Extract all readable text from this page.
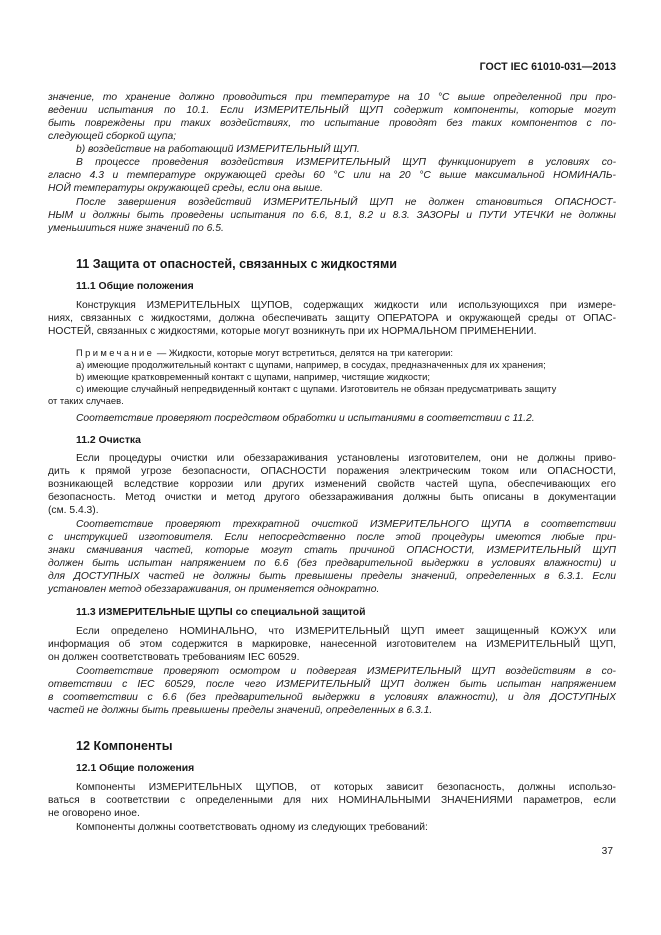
ГОСТ IEC 61010-031—2013

значение, то хранение должно проводиться при температуре на 10 °С выше определенной при про-

ведении испытания по 10.1. Если ИЗМЕРИТЕЛЬНЫЙ ЩУП содержит компоненты, которые могут

быть повреждены при таких воздействиях, то испытание проводят без таких компонентов с по-

следующей сборкой щупа;

b) воздействие на работающий ИЗМЕРИТЕЛЬНЫЙ ЩУП.

В процессе проведения воздействия ИЗМЕРИТЕЛЬНЫЙ ЩУП функционирует в условиях со-

гласно 4.3 и температуре окружающей среды 60 °С или на 20 °С выше максимальной НОМИНАЛЬ-

НОЙ температуры окружающей среды, если она выше.

После завершения воздействий ИЗМЕРИТЕЛЬНЫЙ ЩУП не должен становиться ОПАСНОСТ-

НЫМ и должны быть проведены испытания по 6.6, 8.1, 8.2 и 8.3. ЗАЗОРЫ и ПУТИ УТЕЧКИ не должны

уменьшиться ниже значений по 6.5.

11 Защита от опасностей, связанных с жидкостями
11.1 Общие положения

Конструкция ИЗМЕРИТЕЛЬНЫХ ЩУПОВ, содержащих жидкости или использующихся при измере-

ниях, связанных с жидкостями, должна обеспечивать защиту ОПЕРАТОРА и окружающей среды от ОПАС-

НОСТЕЙ, связанных с жидкостями, которые могут возникнуть при их НОРМАЛЬНОМ ПРИМЕНЕНИИ.

Примечание — Жидкости, которые могут встретиться, делятся на три категории:

a) имеющие продолжительный контакт с щупами, например, в сосудах, предназначенных для их хранения;

b) имеющие кратковременный контакт с щупами, например, чистящие жидкости;

c) имеющие случайный непредвиденный контакт с щупами. Изготовитель не обязан предусматривать защиту

от таких случаев.

Соответствие проверяют посредством обработки и испытаниями в соответствии с 11.2.

11.2 Очистка

Если процедуры очистки или обеззараживания установлены изготовителем, они не должны приво-

дить к прямой угрозе безопасности, ОПАСНОСТИ поражения электрическим током или ОПАСНОСТИ,

возникающей вследствие коррозии или других изменений свойств частей щупа, обеспечивающих его

безопасность. Метод очистки и метод другого обеззараживания должны быть описаны в документации

(см. 5.4.3).

Соответствие проверяют трехкратной очисткой ИЗМЕРИТЕЛЬНОГО ЩУПА в соответствии

с инструкцией изготовителя. Если непосредственно после этой процедуры имеются любые при-

знаки смачивания частей, которые могут стать причиной ОПАСНОСТИ, ИЗМЕРИТЕЛЬНЫЙ ЩУП

должен быть испытан напряжением по 6.6 (без предварительной выдержки в условиях влажности) и

для ДОСТУПНЫХ частей не должны быть превышены пределы значений, определенных в 6.3.1. Если

установлен метод обеззараживания, он применяется однократно.

11.3 ИЗМЕРИТЕЛЬНЫЕ ЩУПЫ со специальной защитой

Если определено НОМИНАЛЬНО, что ИЗМЕРИТЕЛЬНЫЙ ЩУП имеет защищенный КОЖУХ или

информация об этом содержится в маркировке, нанесенной изготовителем на ИЗМЕРИТЕЛЬНЫЙ ЩУП,

он должен соответствовать требованиям IEC 60529.

Соответствие проверяют осмотром и подвергая ИЗМЕРИТЕЛЬНЫЙ ЩУП воздействиям в со-

ответствии с IEC 60529, после чего ИЗМЕРИТЕЛЬНЫЙ ЩУП должен быть испытан напряжением

в соответствии с 6.6 (без предварительной выдержки в условиях влажности), и для ДОСТУПНЫХ

частей не должны быть превышены пределы значений, определенных в 6.3.1.

12 Компоненты
12.1 Общие положения

Компоненты ИЗМЕРИТЕЛЬНЫХ ЩУПОВ, от которых зависит безопасность, должны использо-

ваться в соответствии с определенными для них НОМИНАЛЬНЫМИ ЗНАЧЕНИЯМИ параметров, если

не оговорено иное.

Компоненты должны соответствовать одному из следующих требований:

37
